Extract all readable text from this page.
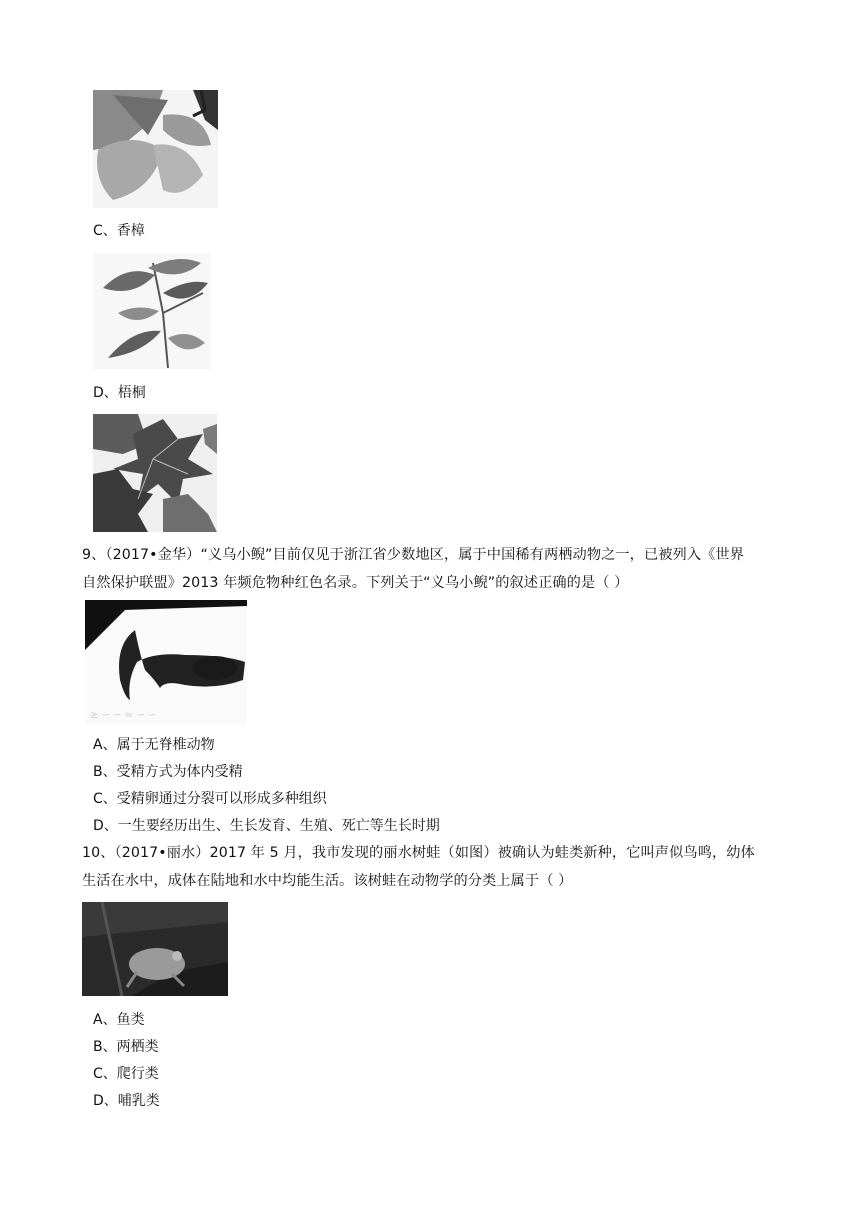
C、香樟
D、梧桐
9、（2017•金华）“义乌小鲵”目前仅见于浙江省少数地区，属于中国稀有两栖动物之一，已被列入《世界
自然保护联盟》2013 年频危物种红色名录。下列关于“义乌小鲵”的叙述正确的是（ ）
≥ ∽ ∽ ≈ ∽ ∽
A、属于无脊椎动物
B、受精方式为体内受精
C、受精卵通过分裂可以形成多种组织
D、一生要经历出生、生长发育、生殖、死亡等生长时期
10、（2017•丽水）2017 年 5 月，我市发现的丽水树蛙（如图）被确认为蛙类新种，它叫声似鸟鸣，幼体
生活在水中，成体在陆地和水中均能生活。该树蛙在动物学的分类上属于（ ）
A、鱼类
B、两栖类
C、爬行类
D、哺乳类
